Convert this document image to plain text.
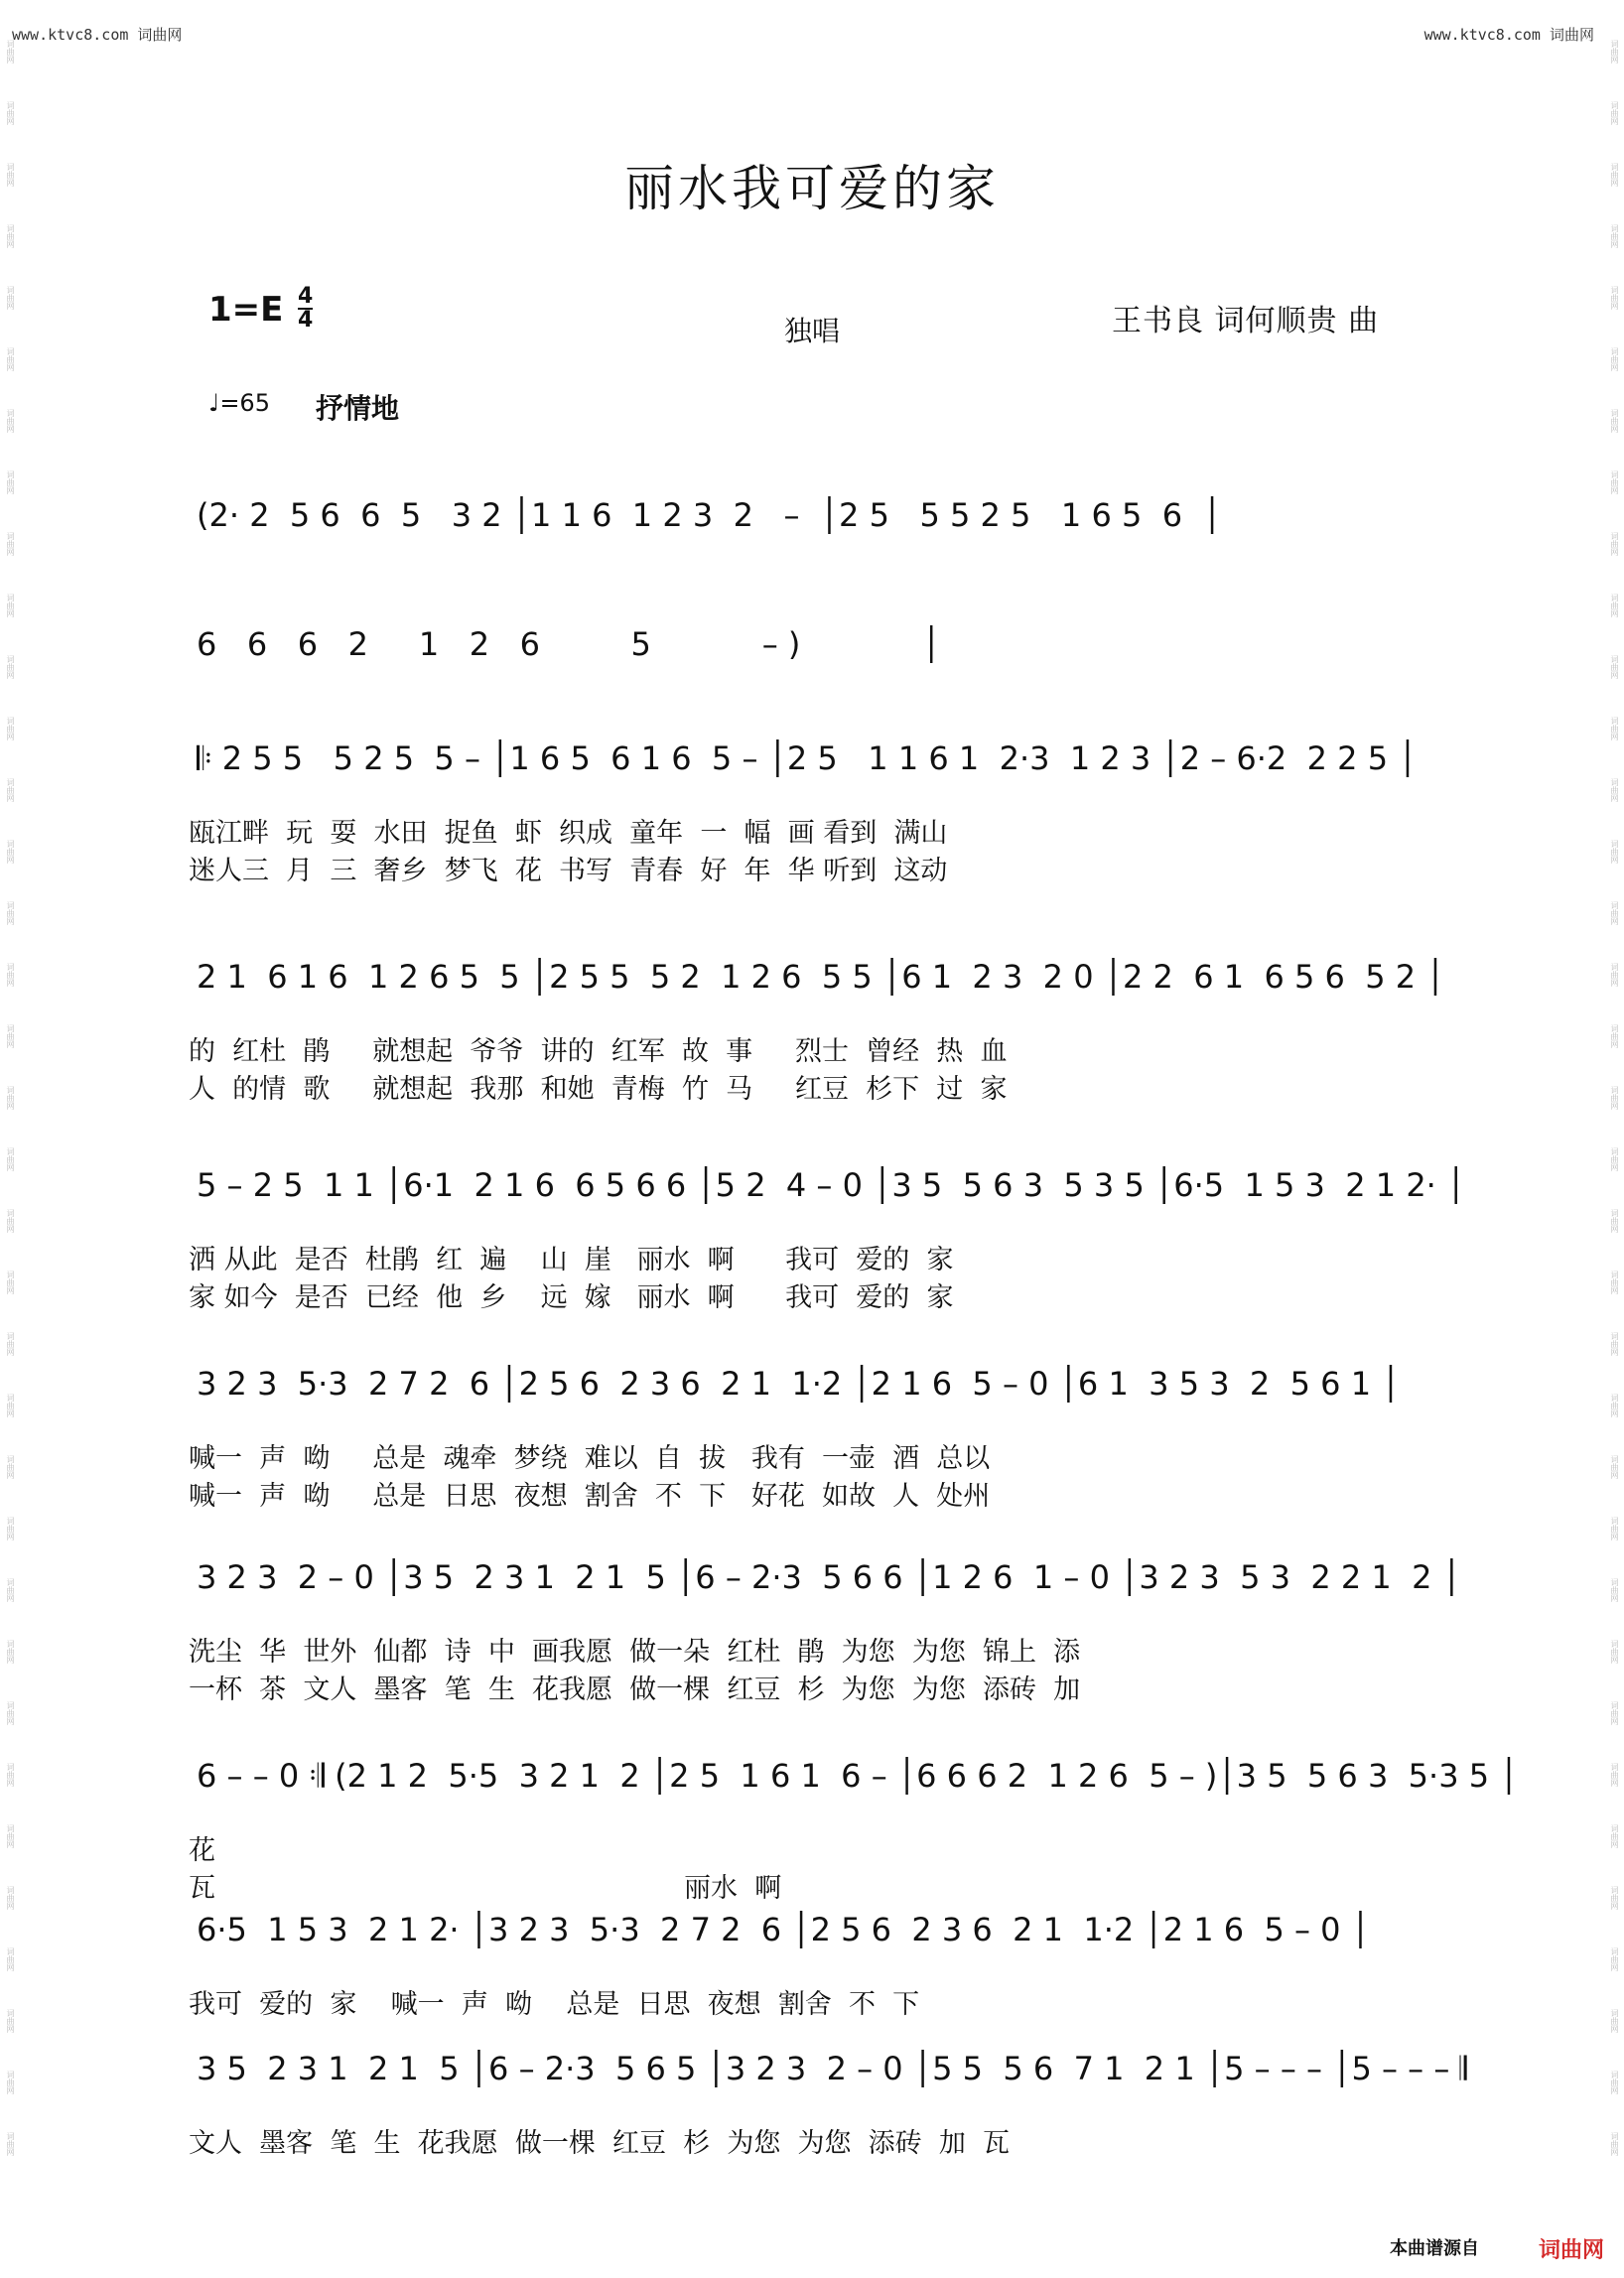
www.ktvc8.com 词曲网	www.ktvc8.com 词曲网
词曲网
词曲网
词曲网
词曲网
词曲网
词曲网
词曲网
词曲网
词曲网
词曲网
词曲网
词曲网
词曲网
词曲网
词曲网
词曲网
词曲网
词曲网
词曲网
词曲网
词曲网
词曲网
词曲网
词曲网
词曲网
词曲网
词曲网
词曲网
词曲网
词曲网
词曲网
词曲网
词曲网
词曲网
词曲网
词曲网
词曲网
词曲网
词曲网
词曲网
词曲网
词曲网
词曲网
词曲网
词曲网
词曲网
词曲网
词曲网
词曲网
词曲网
词曲网
词曲网
词曲网
词曲网
词曲网
词曲网
词曲网
词曲网
词曲网
词曲网
词曲网
词曲网
词曲网
词曲网
词曲网
词曲网
词曲网
词曲网
词曲网
词曲网
丽水我可爱的家
1=E 4
4	独唱	王书良 词何顺贵 曲
♩=65 抒情地
(2· 2  5 6  6  5   3 2 │1 1 6  1 2 3  2   –  │2 5   5 5 2 5   1 6 5  6  │
6   6   6   2     1   2   6         5           – )            │
𝄆 2 5 5   5 2 5  5 – │1 6 5  6 1 6  5 – │2 5   1 1 6 1  2·3  1 2 3 │2 – 6·2  2 2 5 │
瓯江畔  玩  耍  水田  捉鱼  虾  织成  童年  一  幅  画 看到  满山
迷人三  月  三  奢乡  梦飞  花  书写  青春  好  年  华 听到  这动
2 1  6 1 6  1 2 6 5  5 │2 5 5  5 2  1 2 6  5 5 │6 1  2 3  2 0 │2 2  6 1  6 5 6  5 2 │
的  红杜  鹃     就想起  爷爷  讲的  红军  故  事     烈士  曾经  热  血
人  的情  歌     就想起  我那  和她  青梅  竹  马     红豆  杉下  过  家
5 – 2 5  1 1 │6·1  2 1 6  6 5 6 6 │5 2  4 – 0 │3 5  5 6 3  5 3 5 │6·5  1 5 3  2 1 2· │
洒 从此  是否  杜鹃  红  遍    山  崖   丽水  啊      我可  爱的  家
家 如今  是否  已经  他  乡    远  嫁   丽水  啊      我可  爱的  家
3 2 3  5·3  2 7 2  6 │2 5 6  2 3 6  2 1  1·2 │2 1 6  5 – 0 │6 1  3 5 3  2  5 6 1 │
喊一  声  呦     总是  魂牵  梦绕  难以  自  拔   我有  一壶  酒  总以
喊一  声  呦     总是  日思  夜想  割舍  不  下   好花  如故  人  处州
3 2 3  2 – 0 │3 5  2 3 1  2 1  5 │6 – 2·3  5 6 6 │1 2 6  1 – 0 │3 2 3  5 3  2 2 1  2 │
洗尘  华  世外  仙都  诗  中  画我愿  做一朵  红杜  鹃  为您  为您  锦上  添
一杯  茶  文人  墨客  笔  生  花我愿  做一棵  红豆  杉  为您  为您  添砖  加
6 – – 0 𝄇 (2 1 2  5·5  3 2 1  2 │2 5  1 6 1  6 – │6 6 6 2  1 2 6  5 – )│3 5  5 6 3  5·3 5 │
花
瓦                                                       丽水  啊
6·5  1 5 3  2 1 2· │3 2 3  5·3  2 7 2  6 │2 5 6  2 3 6  2 1  1·2 │2 1 6  5 – 0 │
我可  爱的  家    喊一  声  呦    总是  日思  夜想  割舍  不  下
3 5  2 3 1  2 1  5 │6 – 2·3  5 6 5 │3 2 3  2 – 0 │5 5  5 6  7 1  2 1 │5 – – – │5 – – – 𝄂
文人  墨客  笔  生  花我愿  做一棵  红豆  杉  为您  为您  添砖  加  瓦
本曲谱源自	词曲网
